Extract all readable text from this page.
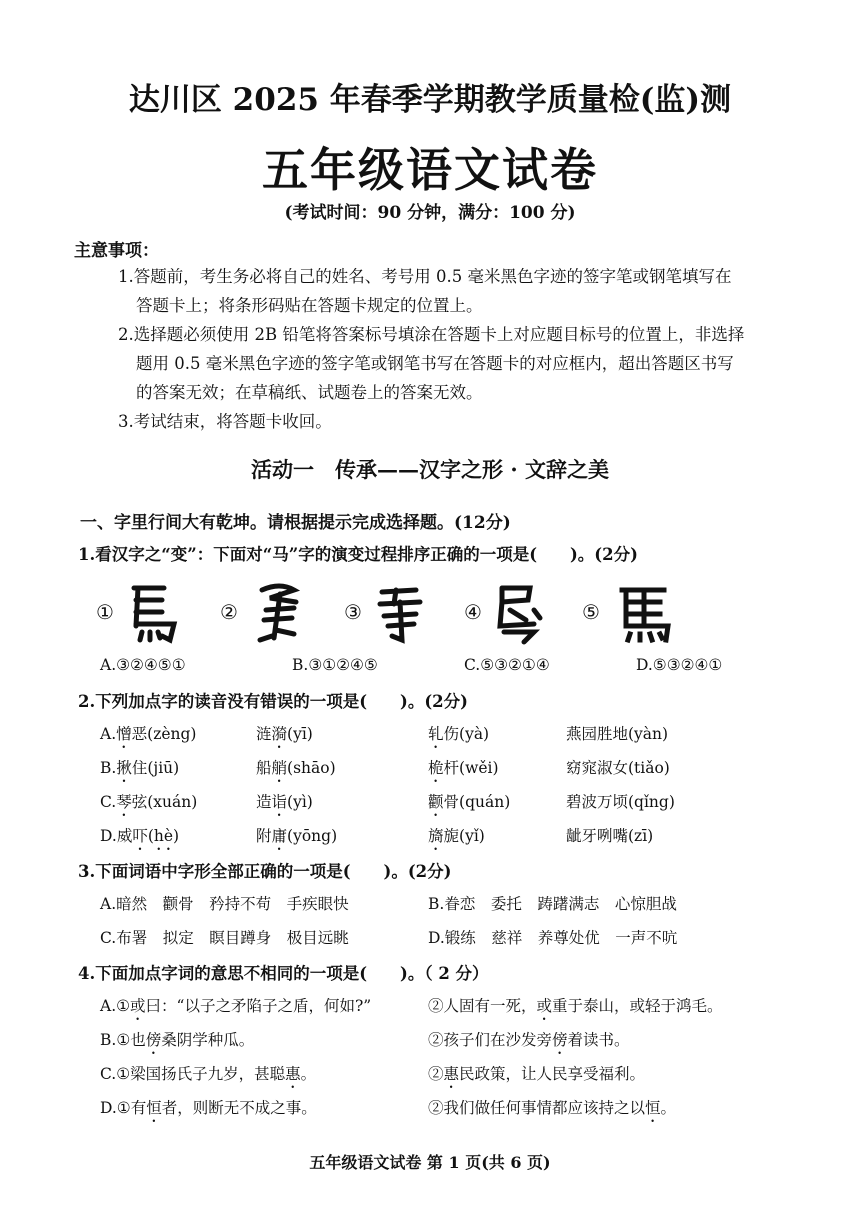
达川区 2025 年春季学期教学质量检(监)测
五年级语文试卷
(考试时间：90 分钟，满分：100 分)
主意事项：
1.答题前，考生务必将自己的姓名、考号用 0.5 毫米黑色字迹的签字笔或钢笔填写在
答题卡上；将条形码贴在答题卡规定的位置上。
2.选择题必须使用 2B 铅笔将答案标号填涂在答题卡上对应题目标号的位置上，非选择
题用 0.5 毫米黑色字迹的签字笔或钢笔书写在答题卡的对应框内，超出答题区书写
的答案无效；在草稿纸、试题卷上的答案无效。
3.考试结束，将答题卡收回。
活动一　传承——汉字之形 · 文辞之美
一、字里行间大有乾坤。请根据提示完成选择题。(12分)
1.看汉字之“变”：下面对“马”字的演变过程排序正确的一项是(　　)。(2分)
①	②	③	④	⑤
A.③②④⑤①	B.③①②④⑤	C.⑤③②①④	D.⑤③②④①
2.下列加点字的读音没有错误的一项是(　　)。(2分)
A.憎恶(zèng)	涟漪(yī)	轧伤(yà)	燕园胜地(yàn)
B.揪住(jiū)	船艄(shāo)	桅杆(wěi)	窈窕淑女(tiǎo)
C.琴弦(xuán)	造诣(yì)	颧骨(quán)	碧波万顷(qǐng)
D.威吓(hè)	附庸(yōng)	旖旎(yǐ)	龇牙咧嘴(zī)
3.下面词语中字形全部正确的一项是(　　)。(2分)
A.暗然　颧骨　矜持不苟　手疾眼快	B.眷恋　委托　踌躇满志　心惊胆战
C.布署　拟定　瞑目蹲身　极目远眺	D.锻练　慈祥　养尊处优　一声不吭
4.下面加点字词的意思不相同的一项是(　　)。（ 2 分）
A.①或曰：“以子之矛陷子之盾，何如?”	②人固有一死，或重于泰山，或轻于鸿毛。
B.①也傍桑阴学种瓜。	②孩子们在沙发旁傍着读书。
C.①梁国扬氏子九岁，甚聪惠。	②惠民政策，让人民享受福利。
D.①有恒者，则断无不成之事。	②我们做任何事情都应该持之以恒。
五年级语文试卷 第 1 页(共 6 页)
